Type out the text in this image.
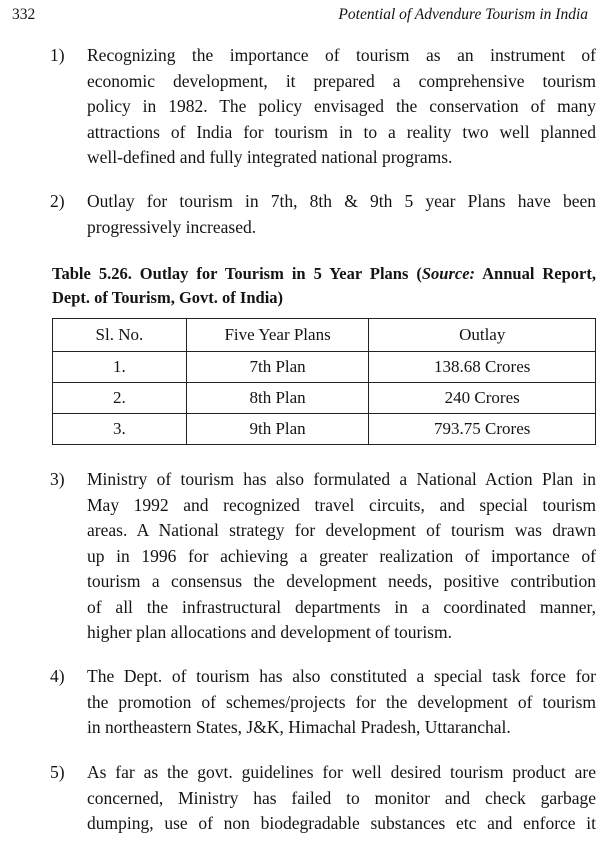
332	Potential of Advendure Tourism in India
1) Recognizing the importance of tourism as an instrument of
economic development, it prepared a comprehensive tourism
policy in 1982. The policy envisaged the conservation of many
attractions of India for tourism in to a reality two well planned
well-defined and fully integrated national programs.
2) Outlay for tourism in 7th, 8th & 9th 5 year Plans have been
progressively increased.
Table 5.26. Outlay for Tourism in 5 Year Plans (Source: Annual Report,
Dept. of Tourism, Govt. of India)
Sl. No.	Five Year Plans	Outlay
1.	7th Plan	138.68 Crores
2.	8th Plan	240 Crores
3.	9th Plan	793.75 Crores
3) Ministry of tourism has also formulated a National Action Plan in
May 1992 and recognized travel circuits, and special tourism
areas. A National strategy for development of tourism was drawn
up in 1996 for achieving a greater realization of importance of
tourism a consensus the development needs, positive contribution
of all the infrastructural departments in a coordinated manner,
higher plan allocations and development of tourism.
4) The Dept. of tourism has also constituted a special task force for
the promotion of schemes/projects for the development of tourism
in northeastern States, J&K, Himachal Pradesh, Uttaranchal.
5) As far as the govt. guidelines for well desired tourism product are
concerned, Ministry has failed to monitor and check garbage
dumping, use of non biodegradable substances etc and enforce it
